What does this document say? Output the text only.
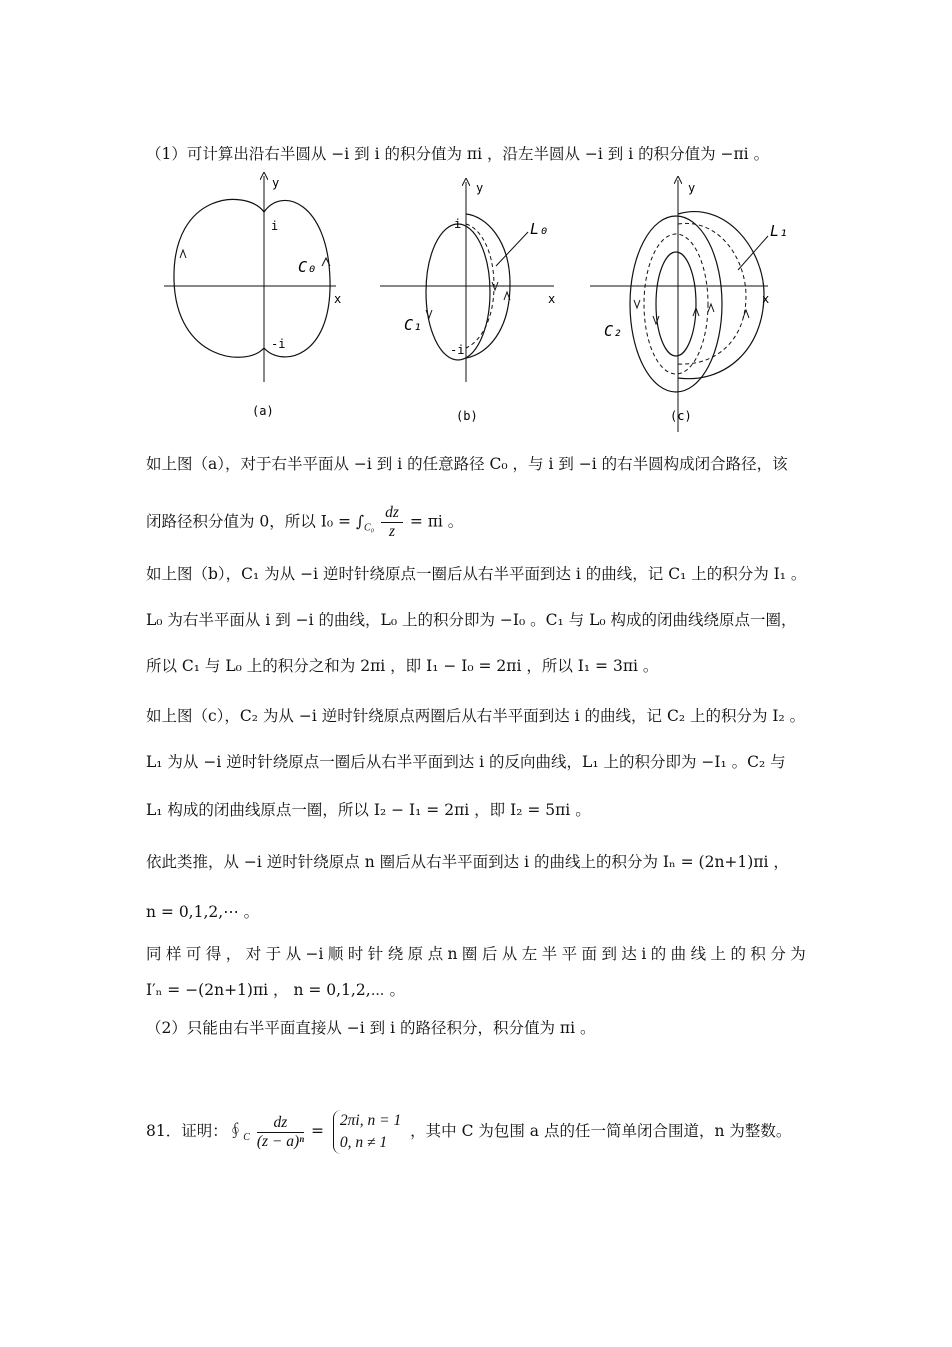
（1）可计算出沿右半圆从 −i 到 i 的积分值为 πi ，沿左半圆从 −i 到 i 的积分值为 −πi 。
i
-i
y
x
C₀
(a)
i
-i
y
x
C₁
L₀
(b)
y
x
C₂
L₁
(c)
如上图（a），对于右半平面从 −i 到 i 的任意路径 C₀ ，与 i 到 −i 的右半圆构成闭合路径，该
闭路径积分值为 0，所以 $I_0 = \int_{C_0} \frac{dz}{z} = \pi i$ 。
如上图（b），C₁ 为从 −i 逆时针绕原点一圈后从右半平面到达 i 的曲线，记 C₁ 上的积分为 I₁ 。
L₀ 为右半平面从 i 到 −i 的曲线，L₀ 上的积分即为 −I₀ 。C₁ 与 L₀ 构成的闭曲线绕原点一圈，
所以 C₁ 与 L₀ 上的积分之和为 2πi ，即 I₁ − I₀ = 2πi ，所以 I₁ = 3πi 。
如上图（c），C₂ 为从 −i 逆时针绕原点两圈后从右半平面到达 i 的曲线，记 C₂ 上的积分为 I₂ 。
L₁ 为从 −i 逆时针绕原点一圈后从右半平面到达 i 的反向曲线，L₁ 上的积分即为 −I₁ 。C₂ 与
L₁ 构成的闭曲线原点一圈，所以 I₂ − I₁ = 2πi ，即 I₂ = 5πi 。
依此类推，从 −i 逆时针绕原点 n 圈后从右半平面到达 i 的曲线上的积分为 Iₙ = (2n+1)πi ，
n = 0,1,2,⋯ 。
同 样 可 得 ， 对 于 从 −i 顺 时 针 绕 原 点 n 圈 后 从 左 半 平 面 到 达 i 的 曲 线 上 的 积 分 为
I′ₙ = −(2n+1)πi ， n = 0,1,2,⋯ 。
（2）只能由右半平面直接从 −i 到 i 的路径积分，积分值为 πi 。
81．证明：$∮_C \frac{dz}{\text{(z − a)ⁿ}}$ =
2πi, n = 1
0, n ≠ 1
，其中 C 为包围 a 点的任一简单闭合围道，n 为整数。
